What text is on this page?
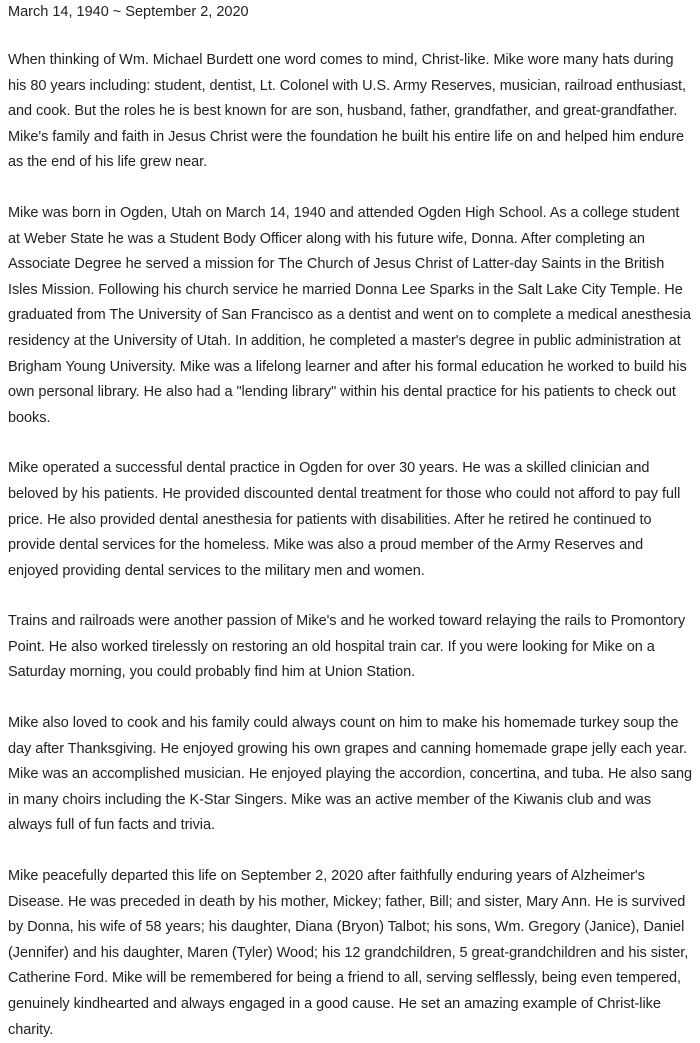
March 14, 1940 ~ September 2, 2020

When thinking of Wm. Michael Burdett one word comes to mind, Christ-like. Mike wore many hats during his 80 years including: student, dentist, Lt. Colonel with U.S. Army Reserves, musician, railroad enthusiast, and cook. But the roles he is best known for are son, husband, father, grandfather, and great-grandfather. Mike's family and faith in Jesus Christ were the foundation he built his entire life on and helped him endure as the end of his life grew near.

Mike was born in Ogden, Utah on March 14, 1940 and attended Ogden High School. As a college student at Weber State he was a Student Body Officer along with his future wife, Donna. After completing an Associate Degree he served a mission for The Church of Jesus Christ of Latter-day Saints in the British Isles Mission. Following his church service he married Donna Lee Sparks in the Salt Lake City Temple. He graduated from The University of San Francisco as a dentist and went on to complete a medical anesthesia residency at the University of Utah. In addition, he completed a master's degree in public administration at Brigham Young University. Mike was a lifelong learner and after his formal education he worked to build his own personal library. He also had a "lending library" within his dental practice for his patients to check out books.

Mike operated a successful dental practice in Ogden for over 30 years. He was a skilled clinician and beloved by his patients. He provided discounted dental treatment for those who could not afford to pay full price. He also provided dental anesthesia for patients with disabilities. After he retired he continued to provide dental services for the homeless. Mike was also a proud member of the Army Reserves and enjoyed providing dental services to the military men and women.

Trains and railroads were another passion of Mike's and he worked toward relaying the rails to Promontory Point. He also worked tirelessly on restoring an old hospital train car. If you were looking for Mike on a Saturday morning, you could probably find him at Union Station.

Mike also loved to cook and his family could always count on him to make his homemade turkey soup the day after Thanksgiving. He enjoyed growing his own grapes and canning homemade grape jelly each year. Mike was an accomplished musician. He enjoyed playing the accordion, concertina, and tuba. He also sang in many choirs including the K-Star Singers. Mike was an active member of the Kiwanis club and was always full of fun facts and trivia.

Mike peacefully departed this life on September 2, 2020 after faithfully enduring years of Alzheimer's Disease. He was preceded in death by his mother, Mickey; father, Bill; and sister, Mary Ann. He is survived by Donna, his wife of 58 years; his daughter, Diana (Bryon) Talbot; his sons, Wm. Gregory (Janice), Daniel (Jennifer) and his daughter, Maren (Tyler) Wood; his 12 grandchildren, 5 great-grandchildren and his sister, Catherine Ford. Mike will be remembered for being a friend to all, serving selflessly, being even tempered, genuinely kindhearted and always engaged in a good cause. He set an amazing example of Christ-like charity.
